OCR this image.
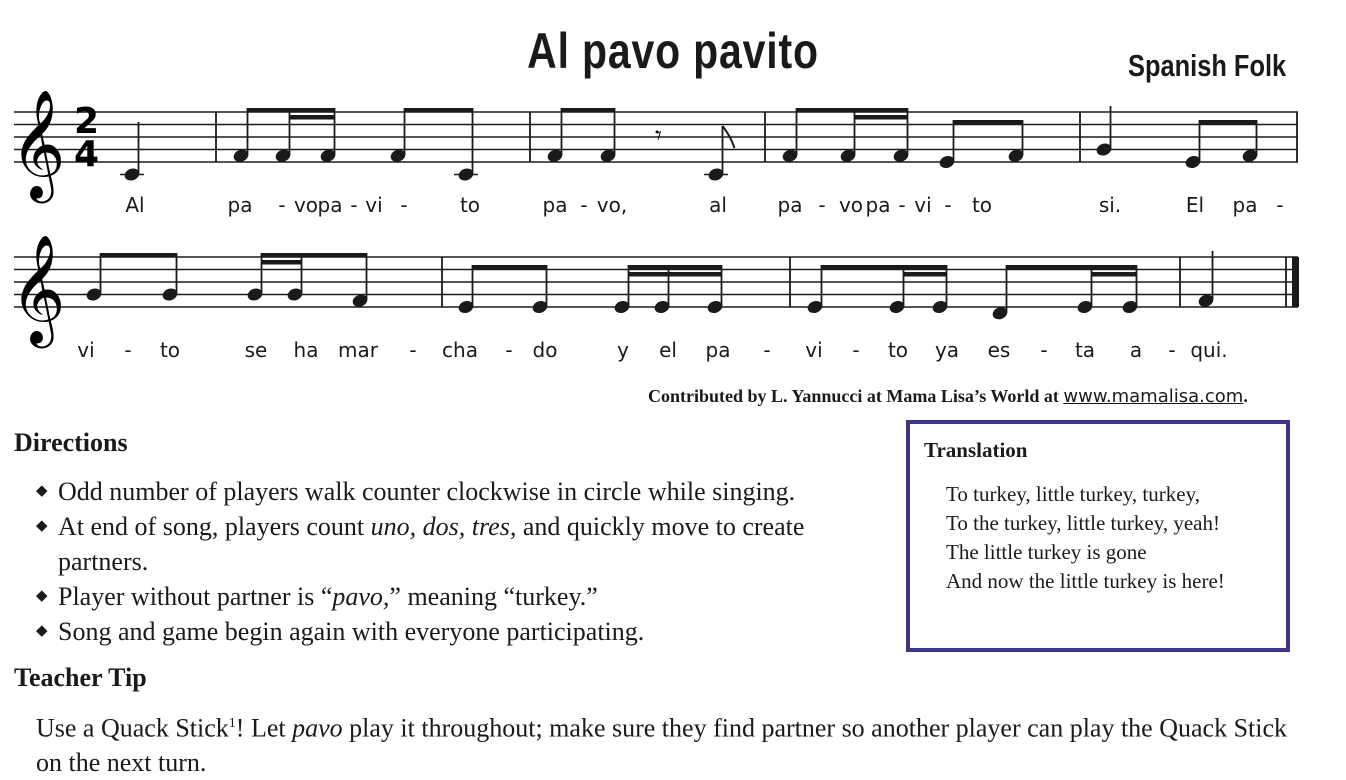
Al pavo pavito	Spanish Folk
𝄞
𝄞
2
4	𝄾
Al	pa - vo pa - vi -	to	pa - vo,	al	pa - vo pa - vi - to	si.	El pa -
vi - to	se ha mar - cha - do	y el pa - vi - to ya es - ta a - qui.
Contributed by L. Yannucci at Mama Lisa’s World at www.mamalisa.com.
Directions
◆ Odd number of players walk counter clockwise in circle while singing.
◆ At end of song, players count uno, dos, tres, and quickly move to create partners.
◆ Player without partner is “pavo,” meaning “turkey.”
◆ Song and game begin again with everyone participating.
Translation
To turkey, little turkey, turkey,
To the turkey, little turkey, yeah!
The little turkey is gone
And now the little turkey is here!
Teacher Tip
Use a Quack Stick$^1$! Let pavo play it throughout; make sure they find partner so another player can play the Quack Stick on the next turn.
